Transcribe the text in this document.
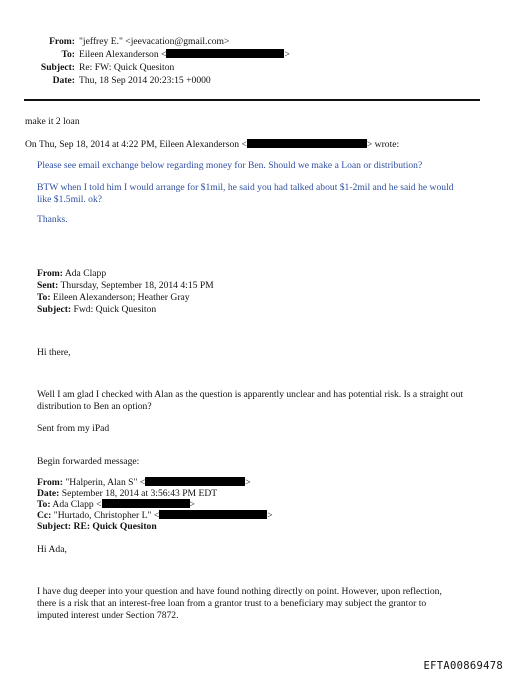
From: "jeffrey E." <jeevacation@gmail.com>
To: Eileen Alexanderson <	>
Subject: Re: FW: Quick Quesiton
Date: Thu, 18 Sep 2014 20:23:15 +0000
make it 2 loan
On Thu, Sep 18, 2014 at 4:22 PM, Eileen Alexanderson <	> wrote:
Please see email exchange below regarding money for Ben. Should we make a Loan or distribution?
BTW when I told him I would arrange for $1mil, he said you had talked about $1-2mil and he said he would
like $1.5mil. ok?
Thanks.
From: Ada Clapp
Sent: Thursday, September 18, 2014 4:15 PM
To: Eileen Alexanderson; Heather Gray
Subject: Fwd: Quick Quesiton
Hi there,
Well I am glad I checked with Alan as the question is apparently unclear and has potential risk. Is a straight out
distribution to Ben an option?
Sent from my iPad
Begin forwarded message:
From: "Halperin, Alan S" <	>
Date: September 18, 2014 at 3:56:43 PM EDT
To: Ada Clapp <	>
Cc: "Hurtado, Christopher L" <	>
Subject: RE: Quick Quesiton
Hi Ada,
I have dug deeper into your question and have found nothing directly on point. However, upon reflection,
there is a risk that an interest-free loan from a grantor trust to a beneficiary may subject the grantor to
imputed interest under Section 7872.
EFTA00869478
